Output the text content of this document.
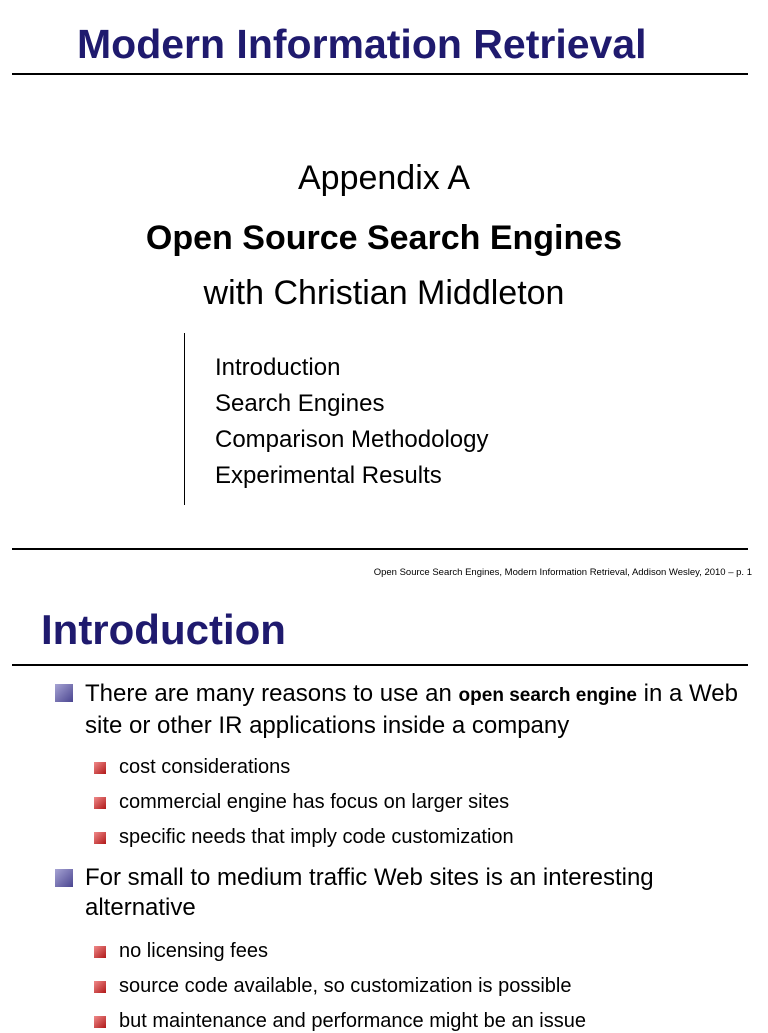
Modern Information Retrieval
Appendix A
Open Source Search Engines
with Christian Middleton
Introduction
Search Engines
Comparison Methodology
Experimental Results
Open Source Search Engines, Modern Information Retrieval, Addison Wesley, 2010 – p. 1
Introduction
There are many reasons to use an open search engine in a Web site or other IR applications inside a company
cost considerations
commercial engine has focus on larger sites
specific needs that imply code customization
For small to medium traffic Web sites is an interesting alternative
no licensing fees
source code available, so customization is possible
but maintenance and performance might be an issue
